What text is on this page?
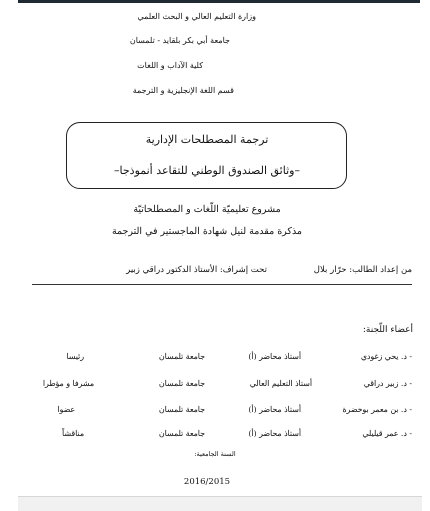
وزارة التعليم العالي و البحث العلمي
جامعة أبي بكر بلقايد - تلمسان
كلية الآداب و اللغات
قسم اللغة الإنجليزية و الترجمة
ترجمة المصطلحات الإدارية
–وثائق الصندوق الوطني للتقاعد أنموذجا–
مشروع تعليميّة اللّغات و المصطلحاتيّة
مذكرة مقدمة لنيل شهادة الماجستير في الترجمة
من إعداد الطالب: حرّار بلال
تحت إشراف: الأستاذ الدكتور دراقي زبير
أعضاء اللّجنة:
- د. يحي زغودي
أستاذ محاضر (أ)
جامعة تلمسان
رئيسا
- د. زبير دراقي
أستاذ التعليم العالي
جامعة تلمسان
مشرفا و مؤطرا
- د. بن معمر بوخضرة
أستاذ محاضر (أ)
جامعة تلمسان
عضوا
- د. عمر قيليلي
أستاذ محاضر (أ)
جامعة تلمسان
مناقشاً
السنة الجامعية:
2016/2015
